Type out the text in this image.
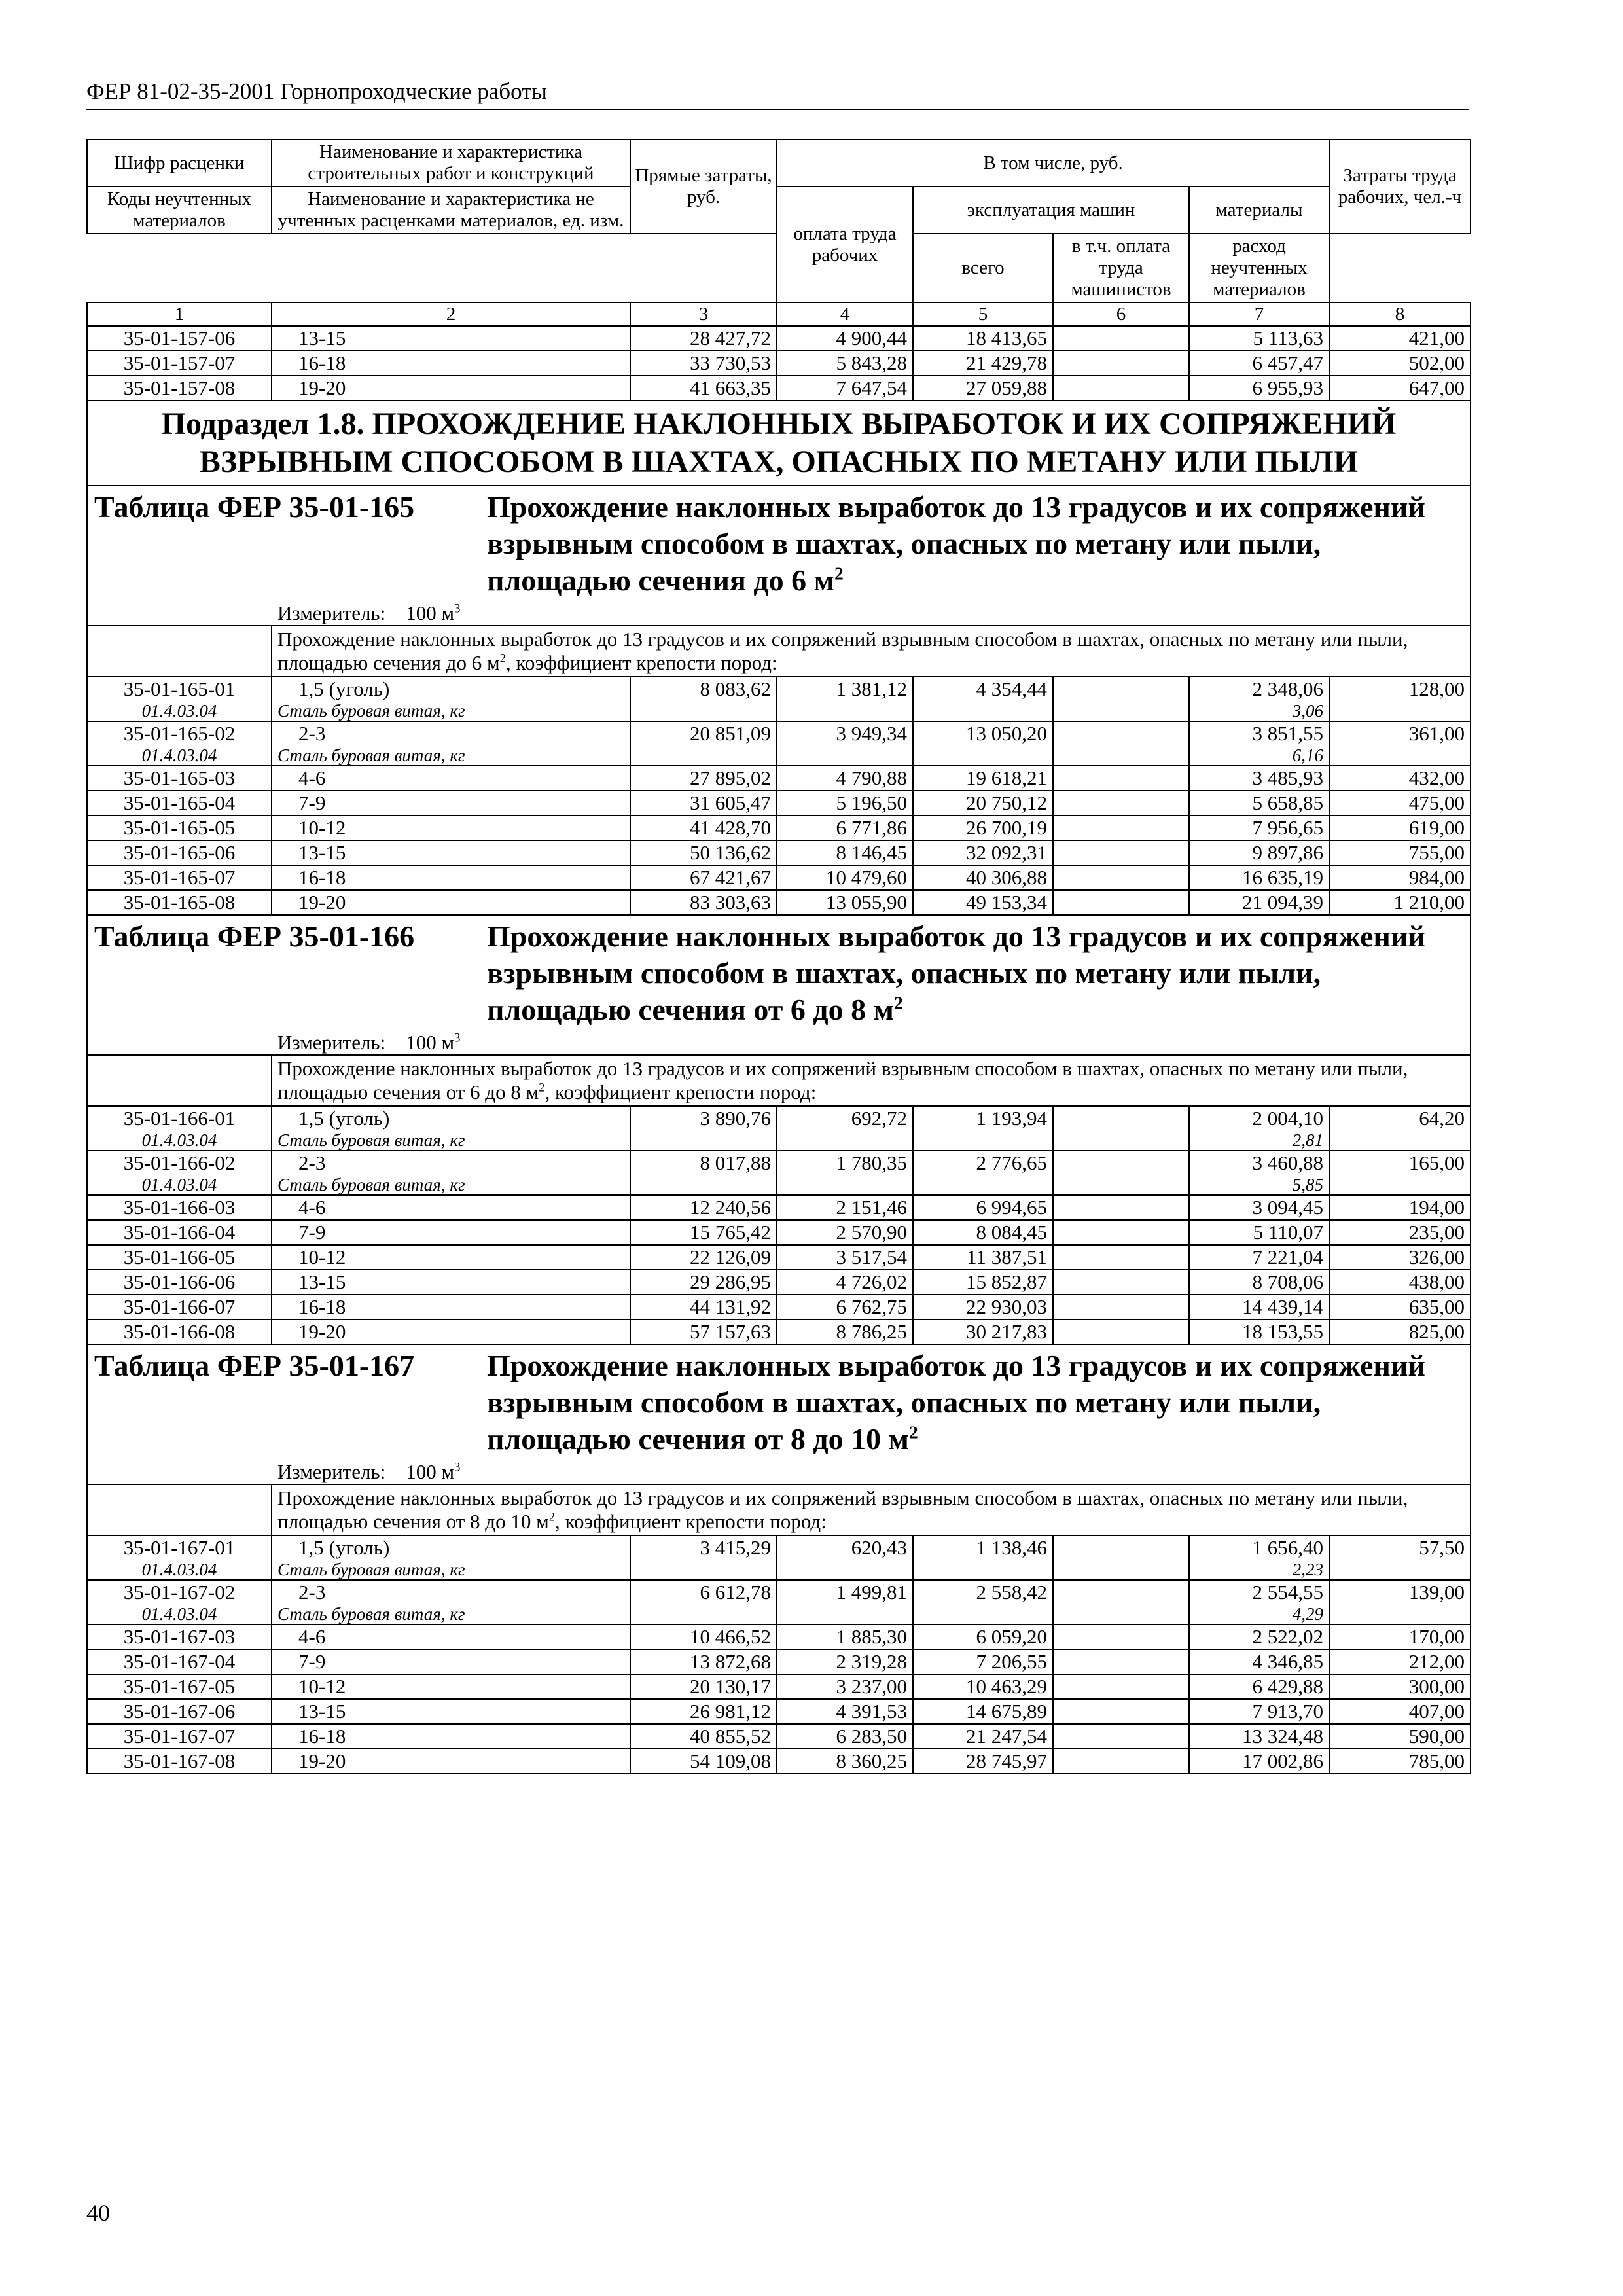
ФЕР 81-02-35-2001 Горнопроходческие работы
Шифр расценки	Наименование и характеристика строительных работ и конструкций	Прямые затраты, руб.	В том числе, руб.				Затраты труда рабочих, чел.-ч
Коды неучтенных материалов	Наименование и характеристика не учтенных расценками материалов, ед. изм.						
			оплата труда рабочих	эксплуатация машин		материалы	
				всего	в т.ч. оплата труда машинистов	расход неучтенных материалов	
1	2	3	4	5	6	7	8
35-01-157-06	13-15	28 427,72	4 900,44	18 413,65		5 113,63	421,00
35-01-157-07	16-18	33 730,53	5 843,28	21 429,78		6 457,47	502,00
35-01-157-08	19-20	41 663,35	7 647,54	27 059,88		6 955,93	647,00

Подраздел 1.8. ПРОХОЖДЕНИЕ НАКЛОННЫХ ВЫРАБОТОК И ИХ СОПРЯЖЕНИЙ
ВЗРЫВНЫМ СПОСОБОМ В ШАХТАХ, ОПАСНЫХ ПО МЕТАНУ ИЛИ ПЫЛИ							

Таблица ФЕР 35-01-165 Прохождение наклонных выработок до 13 градусов и их сопряжений взрывным способом в шахтах, опасных по метану или пыли, площадью сечения до 6 $м^2$

Измеритель: 100 $м^3$
	Прохождение наклонных выработок до 13 градусов и их сопряжений взрывным способом в шахтах, опасных по метану или пыли, площадью сечения до 6 $м^2$, коэффициент крепости пород:						
35-01-165-01	1,5 (уголь)	8 083,62	1 381,12	4 354,44		2 348,06	128,00
01.4.03.04	Сталь буровая витая, кг					3,06	
35-01-165-02	2-3	20 851,09	3 949,34	13 050,20		3 851,55	361,00
01.4.03.04	Сталь буровая витая, кг					6,16	
35-01-165-03	4-6	27 895,02	4 790,88	19 618,21		3 485,93	432,00
35-01-165-04	7-9	31 605,47	5 196,50	20 750,12		5 658,85	475,00
35-01-165-05	10-12	41 428,70	6 771,86	26 700,19		7 956,65	619,00
35-01-165-06	13-15	50 136,62	8 146,45	32 092,31		9 897,86	755,00
35-01-165-07	16-18	67 421,67	10 479,60	40 306,88		16 635,19	984,00
35-01-165-08	19-20	83 303,63	13 055,90	49 153,34		21 094,39	1 210,00

Таблица ФЕР 35-01-166 Прохождение наклонных выработок до 13 градусов и их сопряжений взрывным способом в шахтах, опасных по метану или пыли, площадью сечения от 6 до 8 $м^2$

Измеритель: 100 $м^3$
	Прохождение наклонных выработок до 13 градусов и их сопряжений взрывным способом в шахтах, опасных по метану или пыли, площадью сечения от 6 до 8 $м^2$, коэффициент крепости пород:						
35-01-166-01	1,5 (уголь)	3 890,76	692,72	1 193,94		2 004,10	64,20
01.4.03.04	Сталь буровая витая, кг					2,81	
35-01-166-02	2-3	8 017,88	1 780,35	2 776,65		3 460,88	165,00
01.4.03.04	Сталь буровая витая, кг					5,85	
35-01-166-03	4-6	12 240,56	2 151,46	6 994,65		3 094,45	194,00
35-01-166-04	7-9	15 765,42	2 570,90	8 084,45		5 110,07	235,00
35-01-166-05	10-12	22 126,09	3 517,54	11 387,51		7 221,04	326,00
35-01-166-06	13-15	29 286,95	4 726,02	15 852,87		8 708,06	438,00
35-01-166-07	16-18	44 131,92	6 762,75	22 930,03		14 439,14	635,00
35-01-166-08	19-20	57 157,63	8 786,25	30 217,83		18 153,55	825,00

Таблица ФЕР 35-01-167 Прохождение наклонных выработок до 13 градусов и их сопряжений взрывным способом в шахтах, опасных по метану или пыли, площадью сечения от 8 до 10 $м^2$

Измеритель: 100 $м^3$
	Прохождение наклонных выработок до 13 градусов и их сопряжений взрывным способом в шахтах, опасных по метану или пыли, площадью сечения от 8 до 10 $м^2$, коэффициент крепости пород:						
35-01-167-01	1,5 (уголь)	3 415,29	620,43	1 138,46		1 656,40	57,50
01.4.03.04	Сталь буровая витая, кг					2,23	
35-01-167-02	2-3	6 612,78	1 499,81	2 558,42		2 554,55	139,00
01.4.03.04	Сталь буровая витая, кг					4,29	
35-01-167-03	4-6	10 466,52	1 885,30	6 059,20		2 522,02	170,00
35-01-167-04	7-9	13 872,68	2 319,28	7 206,55		4 346,85	212,00
35-01-167-05	10-12	20 130,17	3 237,00	10 463,29		6 429,88	300,00
35-01-167-06	13-15	26 981,12	4 391,53	14 675,89		7 913,70	407,00
35-01-167-07	16-18	40 855,52	6 283,50	21 247,54		13 324,48	590,00
35-01-167-08	19-20	54 109,08	8 360,25	28 745,97		17 002,86	785,00
40
